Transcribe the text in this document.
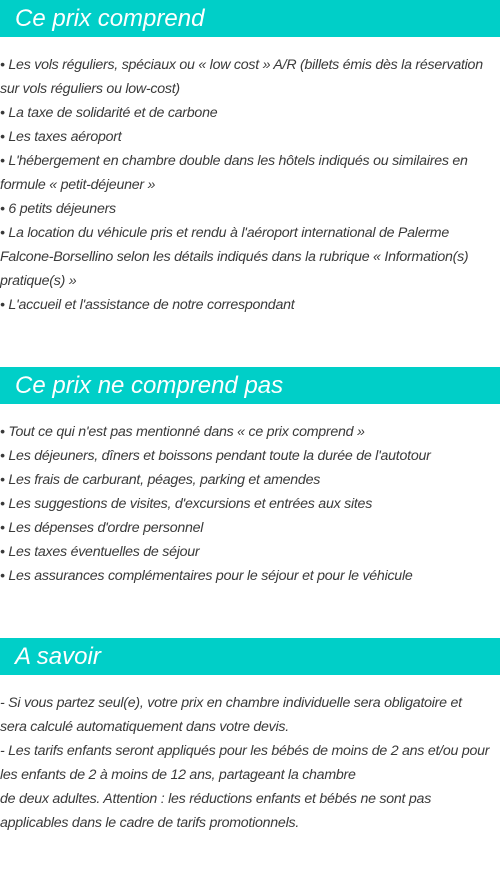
Ce prix comprend
• Les vols réguliers, spéciaux ou « low cost » A/R (billets émis dès la réservation
sur vols réguliers ou low-cost)
• La taxe de solidarité et de carbone
• Les taxes aéroport
• L'hébergement en chambre double dans les hôtels indiqués ou similaires en
formule « petit-déjeuner »
• 6 petits déjeuners
• La location du véhicule pris et rendu à l'aéroport international de Palerme
Falcone-Borsellino selon les détails indiqués dans la rubrique « Information(s)
pratique(s) »
• L'accueil et l'assistance de notre correspondant
Ce prix ne comprend pas
• Tout ce qui n'est pas mentionné dans « ce prix comprend »
• Les déjeuners, dîners et boissons pendant toute la durée de l'autotour
• Les frais de carburant, péages, parking et amendes
• Les suggestions de visites, d'excursions et entrées aux sites
• Les dépenses d'ordre personnel
• Les taxes éventuelles de séjour
• Les assurances complémentaires pour le séjour et pour le véhicule
A savoir
- Si vous partez seul(e), votre prix en chambre individuelle sera obligatoire et
sera calculé automatiquement dans votre devis.
- Les tarifs enfants seront appliqués pour les bébés de moins de 2 ans et/ou pour
les enfants de 2 à moins de 12 ans, partageant la chambre
de deux adultes. Attention : les réductions enfants et bébés ne sont pas
applicables dans le cadre de tarifs promotionnels.
